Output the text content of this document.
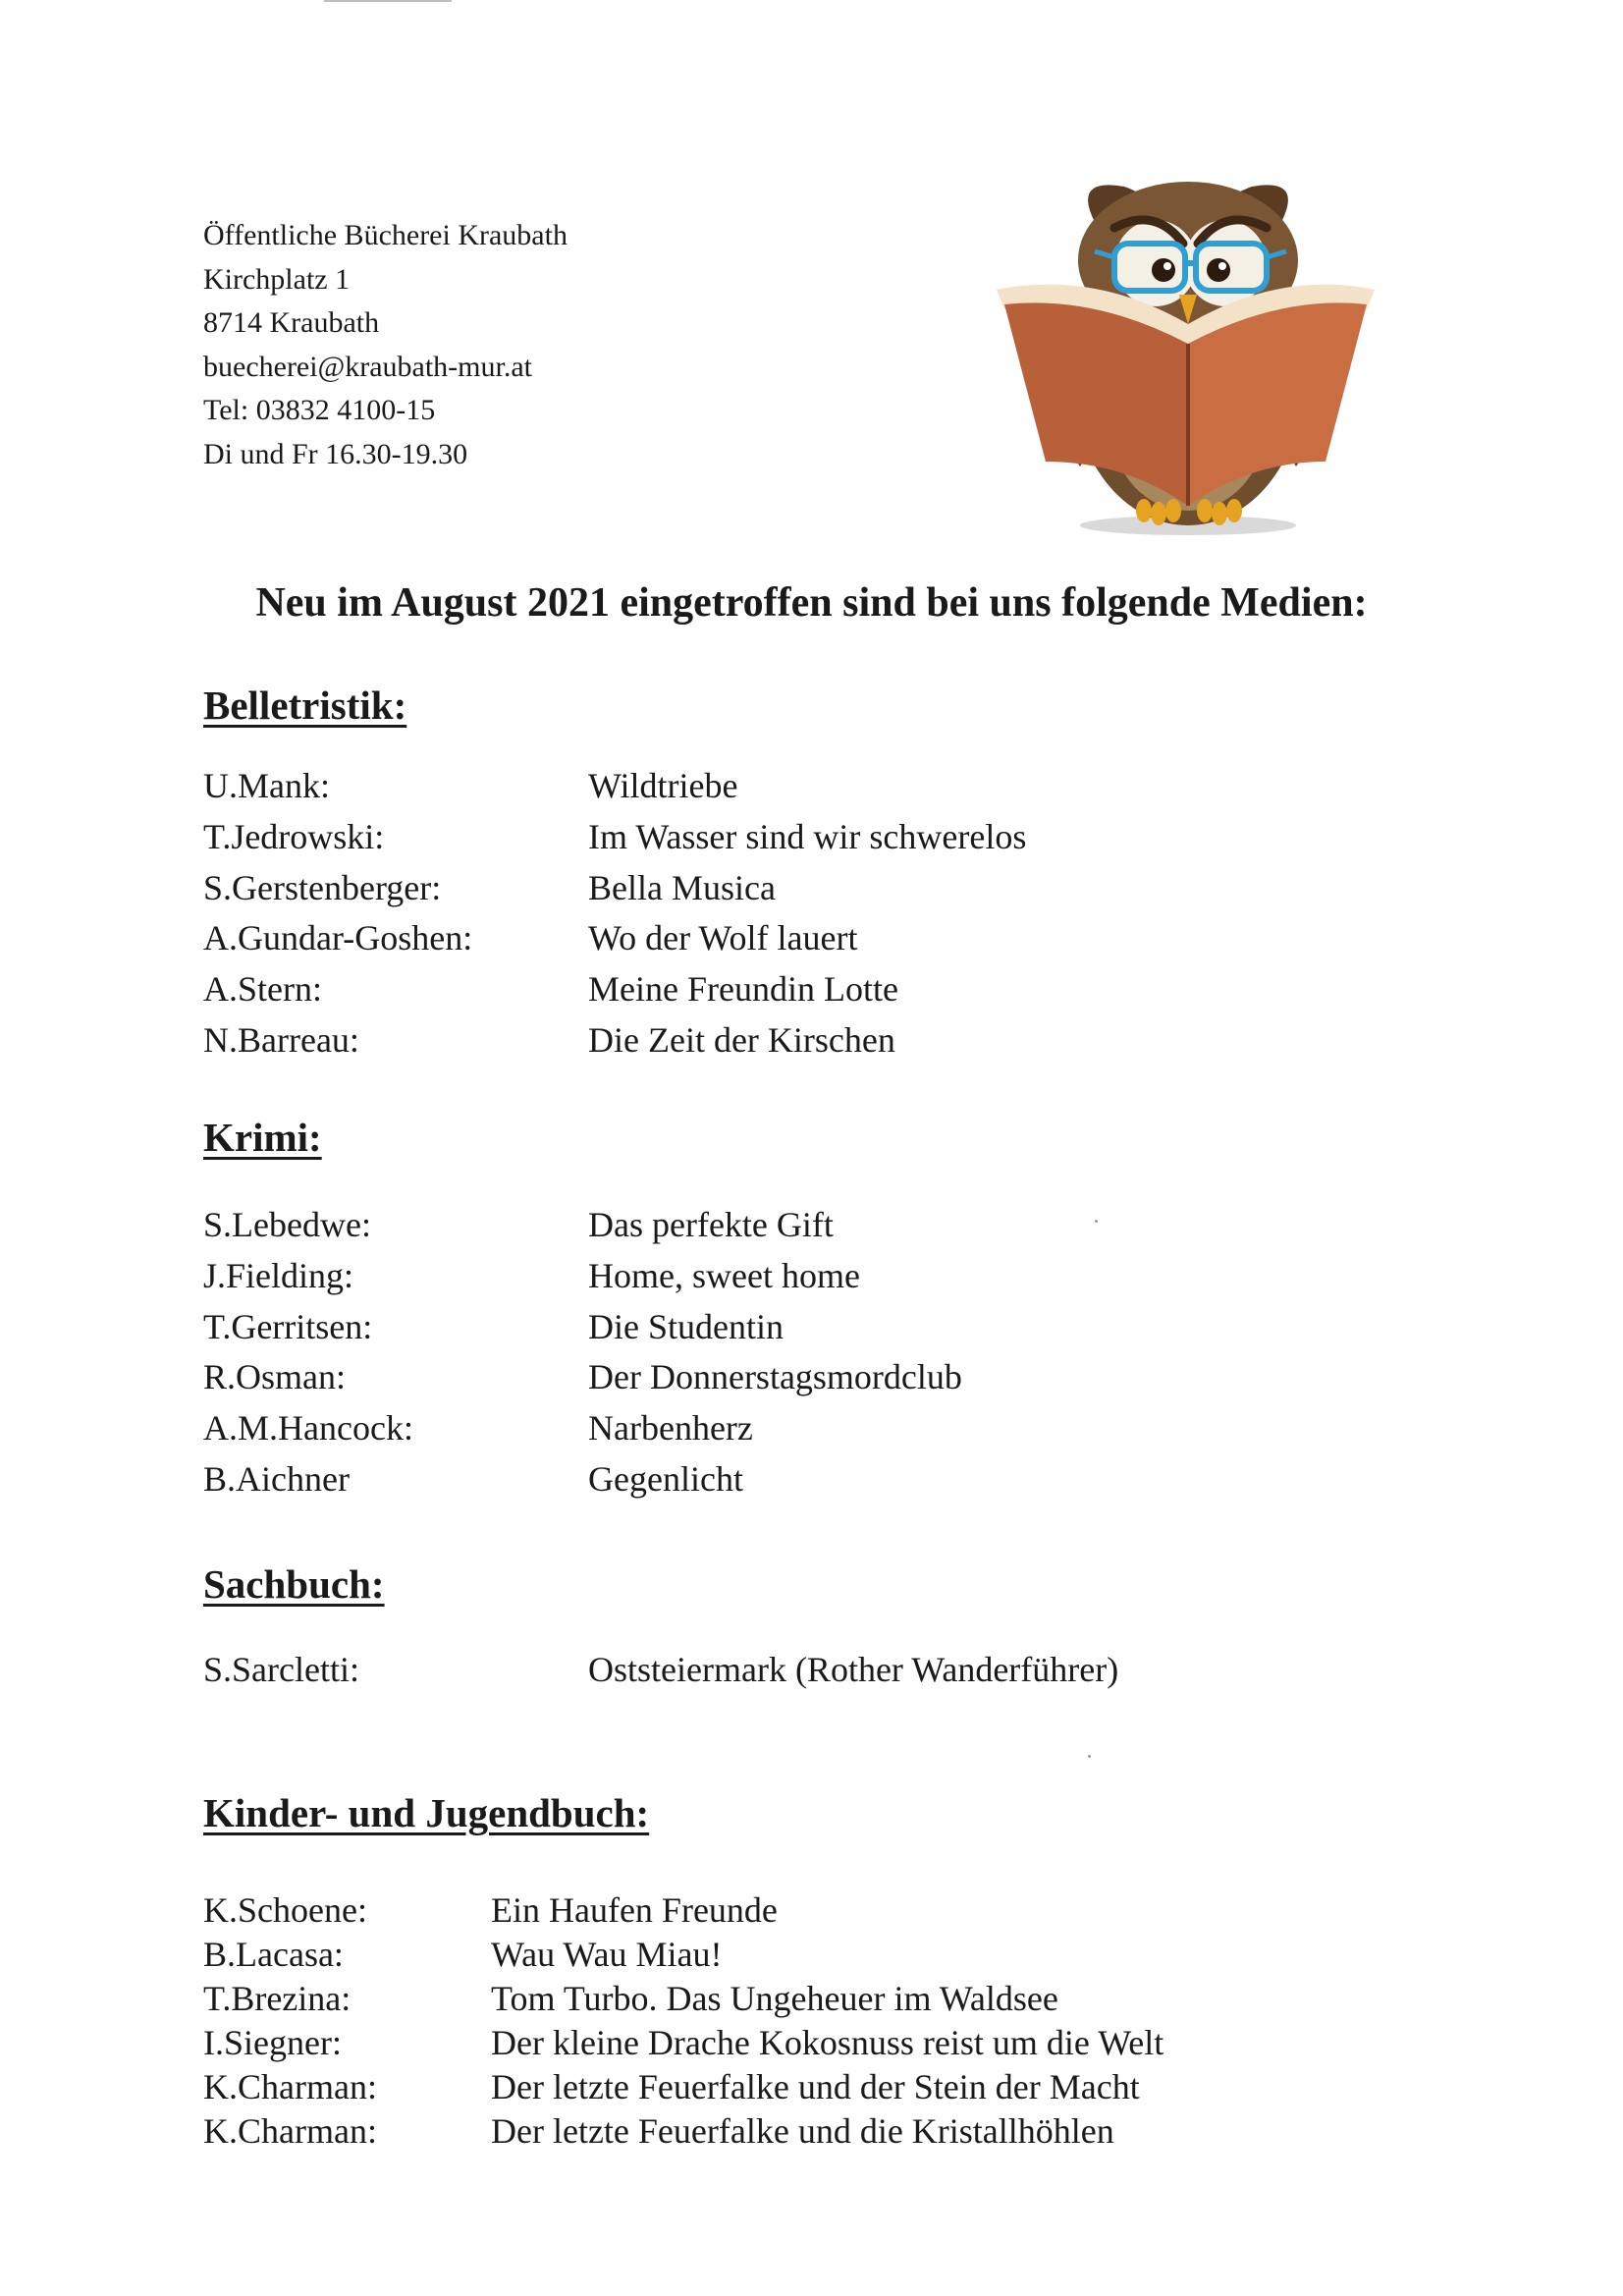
Öffentliche Bücherei Kraubath
Kirchplatz 1
8714 Kraubath
buecherei@kraubath-mur.at
Tel: 03832 4100-15
Di und Fr 16.30-19.30
Neu im August 2021 eingetroffen sind bei uns folgende Medien:
Belletristik:
U.Mank:	Wildtriebe
T.Jedrowski:	Im Wasser sind wir schwerelos
S.Gerstenberger:	Bella Musica
A.Gundar-Goshen:	Wo der Wolf lauert
A.Stern:	Meine Freundin Lotte
N.Barreau:	Die Zeit der Kirschen
Krimi:
S.Lebedwe:	Das perfekte Gift
J.Fielding:	Home, sweet home
T.Gerritsen:	Die Studentin
R.Osman:	Der Donnerstagsmordclub
A.M.Hancock:	Narbenherz
B.Aichner	Gegenlicht
Sachbuch:
S.Sarcletti:	Oststeiermark (Rother Wanderführer)
Kinder- und Jugendbuch:
K.Schoene:	Ein Haufen Freunde
B.Lacasa:	Wau Wau Miau!
T.Brezina:	Tom Turbo. Das Ungeheuer im Waldsee
I.Siegner:	Der kleine Drache Kokosnuss reist um die Welt
K.Charman:	Der letzte Feuerfalke und der Stein der Macht
K.Charman:	Der letzte Feuerfalke und die Kristallhöhlen
